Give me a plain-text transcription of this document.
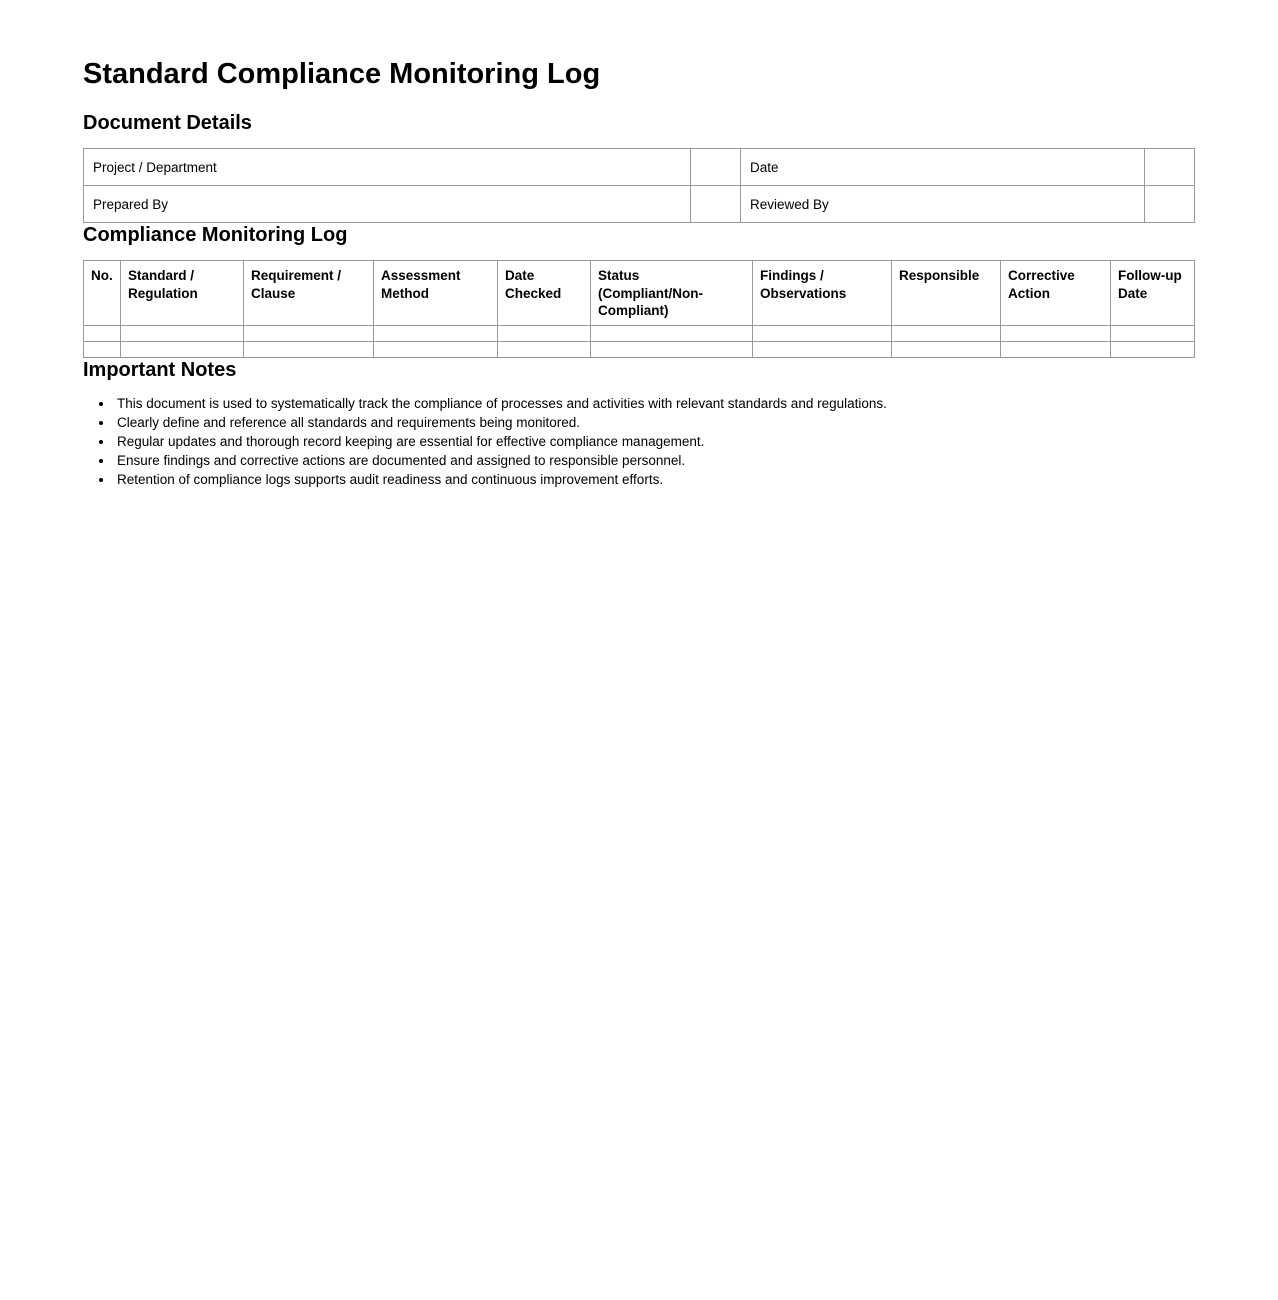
Standard Compliance Monitoring Log
Document Details
Project / Department		Date	
Prepared By		Reviewed By	
Compliance Monitoring Log
No.	Standard / Regulation	Requirement / Clause	Assessment Method	Date Checked	Status (Compliant/Non-Compliant)	Findings / Observations	Responsible	Corrective Action	Follow-up Date

Important Notes
• This document is used to systematically track the compliance of processes and activities with relevant standards and regulations.
• Clearly define and reference all standards and requirements being monitored.
• Regular updates and thorough record keeping are essential for effective compliance management.
• Ensure findings and corrective actions are documented and assigned to responsible personnel.
• Retention of compliance logs supports audit readiness and continuous improvement efforts.
